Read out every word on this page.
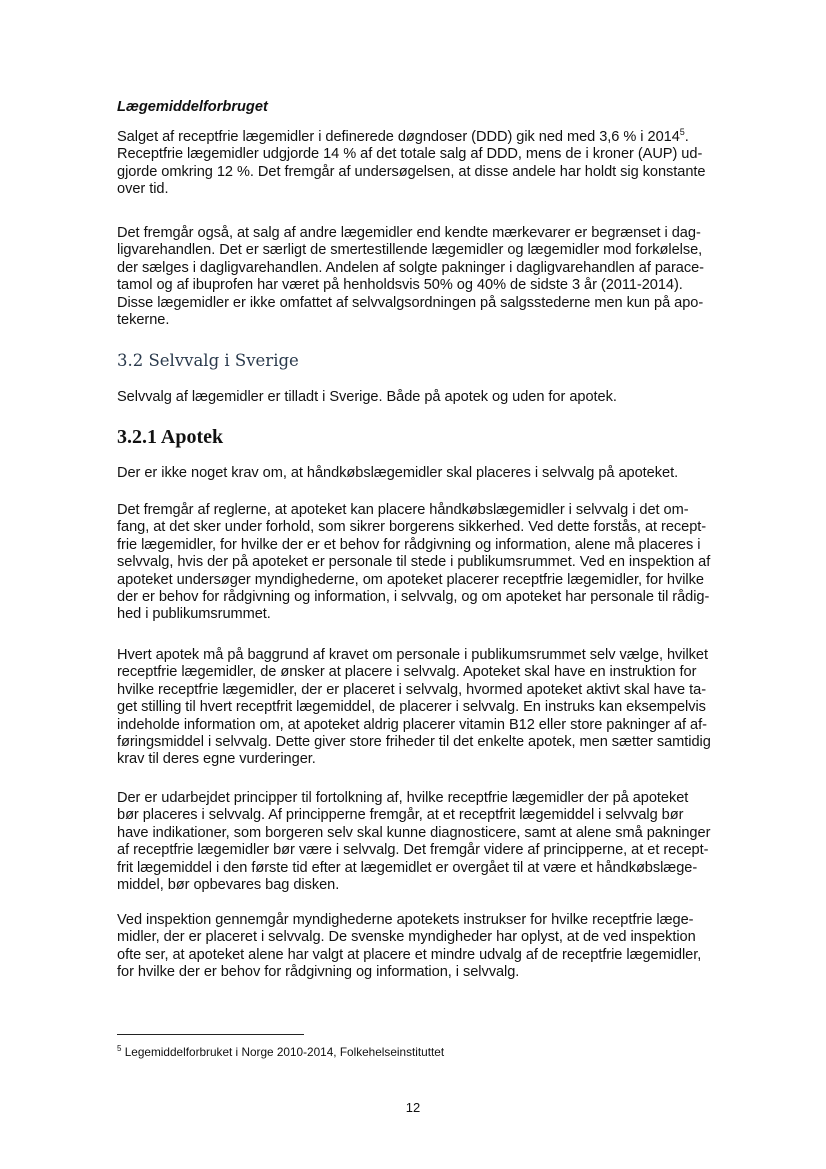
Lægemiddelforbruget
Salget af receptfrie lægemidler i definerede døgndoser (DDD) gik ned med 3,6 % i 2014$^5$.
Receptfrie lægemidler udgjorde 14 % af det totale salg af DDD, mens de i kroner (AUP) ud-
gjorde omkring 12 %. Det fremgår af undersøgelsen, at disse andele har holdt sig konstante
over tid.
Det fremgår også, at salg af andre lægemidler end kendte mærkevarer er begrænset i dag-
ligvarehandlen. Det er særligt de smertestillende lægemidler og lægemidler mod forkølelse,
der sælges i dagligvarehandlen. Andelen af solgte pakninger i dagligvarehandlen af parace-
tamol og af ibuprofen har været på henholdsvis 50% og 40% de sidste 3 år (2011-2014).
Disse lægemidler er ikke omfattet af selvvalgsordningen på salgsstederne men kun på apo-
tekerne.
3.2 Selvvalg i Sverige
Selvvalg af lægemidler er tilladt i Sverige. Både på apotek og uden for apotek.
3.2.1 Apotek
Der er ikke noget krav om, at håndkøbslægemidler skal placeres i selvvalg på apoteket.
Det fremgår af reglerne, at apoteket kan placere håndkøbslægemidler i selvvalg i det om-
fang, at det sker under forhold, som sikrer borgerens sikkerhed. Ved dette forstås, at recept-
frie lægemidler, for hvilke der er et behov for rådgivning og information, alene må placeres i
selvvalg, hvis der på apoteket er personale til stede i publikumsrummet. Ved en inspektion af
apoteket undersøger myndighederne, om apoteket placerer receptfrie lægemidler, for hvilke
der er behov for rådgivning og information, i selvvalg, og om apoteket har personale til rådig-
hed i publikumsrummet.
Hvert apotek må på baggrund af kravet om personale i publikumsrummet selv vælge, hvilket
receptfrie lægemidler, de ønsker at placere i selvvalg. Apoteket skal have en instruktion for
hvilke receptfrie lægemidler, der er placeret i selvvalg, hvormed apoteket aktivt skal have ta-
get stilling til hvert receptfrit lægemiddel, de placerer i selvvalg. En instruks kan eksempelvis
indeholde information om, at apoteket aldrig placerer vitamin B12 eller store pakninger af af-
føringsmiddel i selvvalg. Dette giver store friheder til det enkelte apotek, men sætter samtidig
krav til deres egne vurderinger.
Der er udarbejdet principper til fortolkning af, hvilke receptfrie lægemidler der på apoteket
bør placeres i selvvalg. Af principperne fremgår, at et receptfrit lægemiddel i selvvalg bør
have indikationer, som borgeren selv skal kunne diagnosticere, samt at alene små pakninger
af receptfrie lægemidler bør være i selvvalg. Det fremgår videre af principperne, at et recept-
frit lægemiddel i den første tid efter at lægemidlet er overgået til at være et håndkøbslæge-
middel, bør opbevares bag disken.
Ved inspektion gennemgår myndighederne apotekets instrukser for hvilke receptfrie læge-
midler, der er placeret i selvvalg. De svenske myndigheder har oplyst, at de ved inspektion
ofte ser, at apoteket alene har valgt at placere et mindre udvalg af de receptfrie lægemidler,
for hvilke der er behov for rådgivning og information, i selvvalg.
$^5$ Legemiddelforbruket i Norge 2010-2014, Folkehelseinstituttet
12
